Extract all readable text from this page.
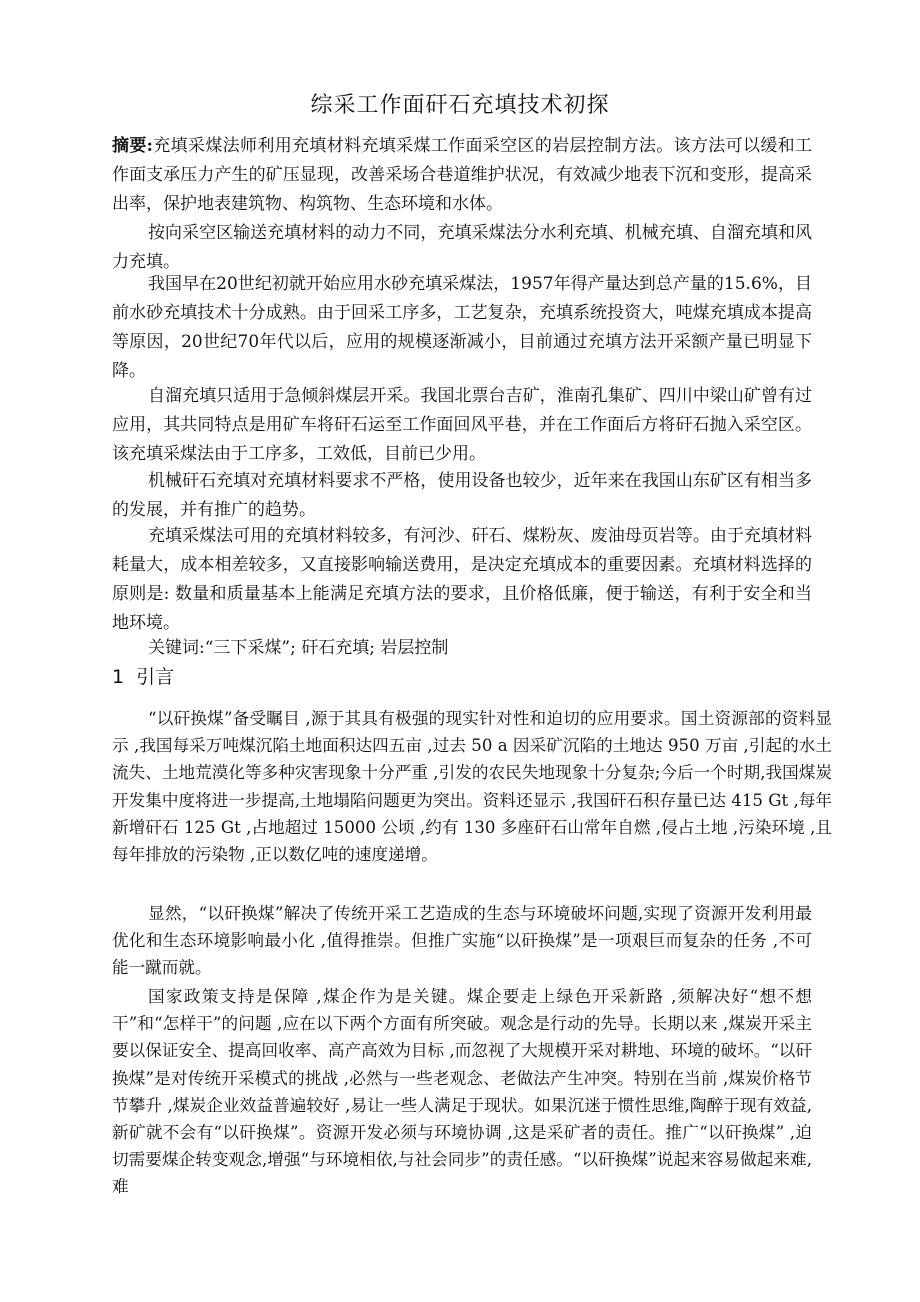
综采工作面矸石充填技术初探

摘要:充填采煤法师利用充填材料充填采煤工作面采空区的岩层控制方法。该方法可以缓和工作面支承压力产生的矿压显现，改善采场合巷道维护状况，有效减少地表下沉和变形，提高采出率，保护地表建筑物、构筑物、生态环境和水体。

按向采空区输送充填材料的动力不同，充填采煤法分水利充填、机械充填、自溜充填和风力充填。

我国早在20世纪初就开始应用水砂充填采煤法，1957年得产量达到总产量的15.6%，目前水砂充填技术十分成熟。由于回采工序多，工艺复杂，充填系统投资大，吨煤充填成本提高等原因，20世纪70年代以后，应用的规模逐渐减小，目前通过充填方法开采额产量已明显下降。

自溜充填只适用于急倾斜煤层开采。我国北票台吉矿，淮南孔集矿、四川中梁山矿曾有过应用，其共同特点是用矿车将矸石运至工作面回风平巷，并在工作面后方将矸石抛入采空区。该充填采煤法由于工序多，工效低，目前已少用。

机械矸石充填对充填材料要求不严格，使用设备也较少，近年来在我国山东矿区有相当多的发展，并有推广的趋势。

充填采煤法可用的充填材料较多，有河沙、矸石、煤粉灰、废油母页岩等。由于充填材料耗量大，成本相差较多，又直接影响输送费用，是决定充填成本的重要因素。充填材料选择的原则是: 数量和质量基本上能满足充填方法的要求，且价格低廉，便于输送，有利于安全和当地环境。

关键词:“三下采煤”; 矸石充填; 岩层控制

1 引言

“以矸换煤”备受瞩目 ,源于其具有极强的现实针对性和迫切的应用要求。国土资源部的资料显示 ,我国每采万吨煤沉陷土地面积达四五亩 ,过去 50 a 因采矿沉陷的土地达 950 万亩 ,引起的水土流失、土地荒漠化等多种灾害现象十分严重 ,引发的农民失地现象十分复杂;今后一个时期,我国煤炭开发集中度将进一步提高,土地塌陷问题更为突出。资料还显示 ,我国矸石积存量已达 415 Gt ,每年新增矸石 125 Gt ,占地超过 15000 公顷 ,约有 130 多座矸石山常年自燃 ,侵占土地 ,污染环境 ,且每年排放的污染物 ,正以数亿吨的速度递增。

显然，“以矸换煤”解决了传统开采工艺造成的生态与环境破坏问题,实现了资源开发利用最优化和生态环境影响最小化 ,值得推崇。但推广实施“以矸换煤”是一项艰巨而复杂的任务 ,不可能一蹴而就。

国家政策支持是保障 ,煤企作为是关键。煤企要走上绿色开采新路 ,须解决好“想不想干”和“怎样干”的问题 ,应在以下两个方面有所突破。观念是行动的先导。长期以来 ,煤炭开采主要以保证安全、提高回收率、高产高效为目标 ,而忽视了大规模开采对耕地、环境的破坏。“以矸换煤”是对传统开采模式的挑战 ,必然与一些老观念、老做法产生冲突。特别在当前 ,煤炭价格节节攀升 ,煤炭企业效益普遍较好 ,易让一些人满足于现状。如果沉迷于惯性思维,陶醉于现有效益,新矿就不会有“以矸换煤”。资源开发必须与环境协调 ,这是采矿者的责任。推广“以矸换煤” ,迫切需要煤企转变观念,增强“与环境相依,与社会同步”的责任感。“以矸换煤”说起来容易做起来难,难
